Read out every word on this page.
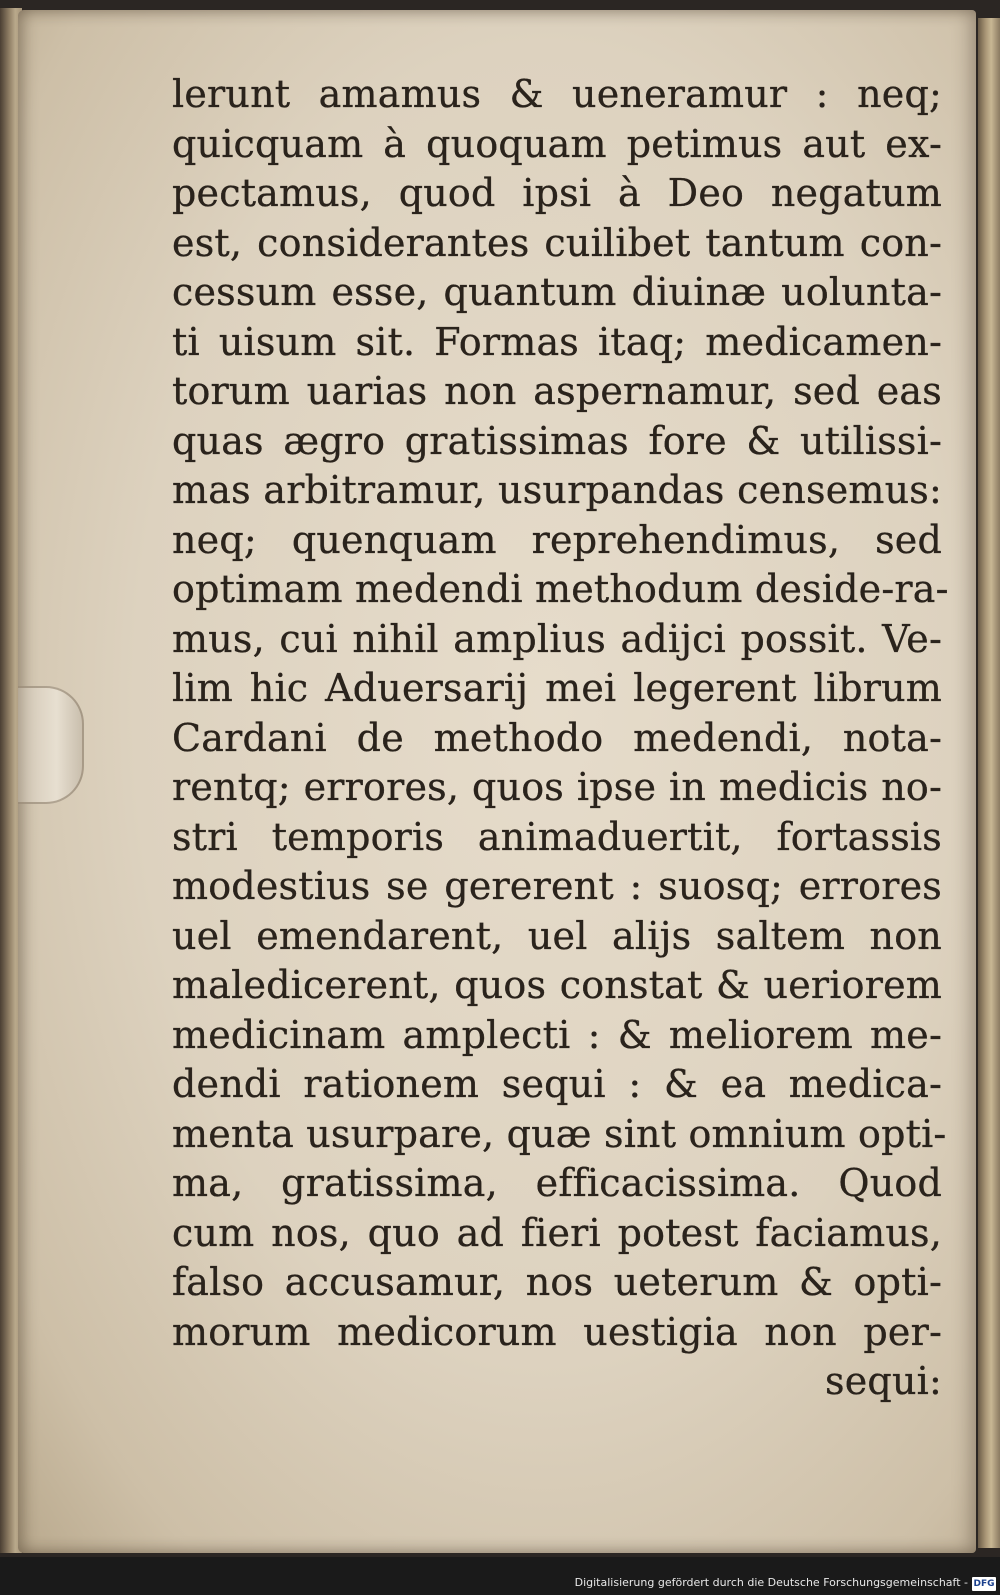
lerunt amamus & ueneramur : neq;
quicquam à quoquam petimus aut ex-
pectamus, quod ipsi à Deo negatum
est, considerantes cuilibet tantum con-
cessum esse, quantum diuinæ uolunta-
ti uisum sit. Formas itaq; medicamen-
torum uarias non aspernamur, sed eas
quas ægro gratissimas fore & utilissi-
mas arbitramur, usurpandas censemus:
neq; quenquam reprehendimus, sed
optimam medendi methodum deside-ra-
mus, cui nihil amplius adijci possit. Ve-
lim hic Aduersarij mei legerent librum
Cardani de methodo medendi, nota-
rentq; errores, quos ipse in medicis no-
stri temporis animaduertit, fortassis
modestius se gererent : suosq; errores
uel emendarent, uel alijs saltem non
maledicerent, quos constat & ueriorem
medicinam amplecti : & meliorem me-
dendi rationem sequi : & ea medica-
menta usurpare, quæ sint omnium opti-
ma, gratissima, efficacissima. Quod
cum nos, quo ad fieri potest faciamus,
falso accusamur, nos ueterum & opti-
morum medicorum uestigia non per-
sequi:
Digitalisierung gefördert durch die Deutsche Forschungsgemeinschaft - DFG
